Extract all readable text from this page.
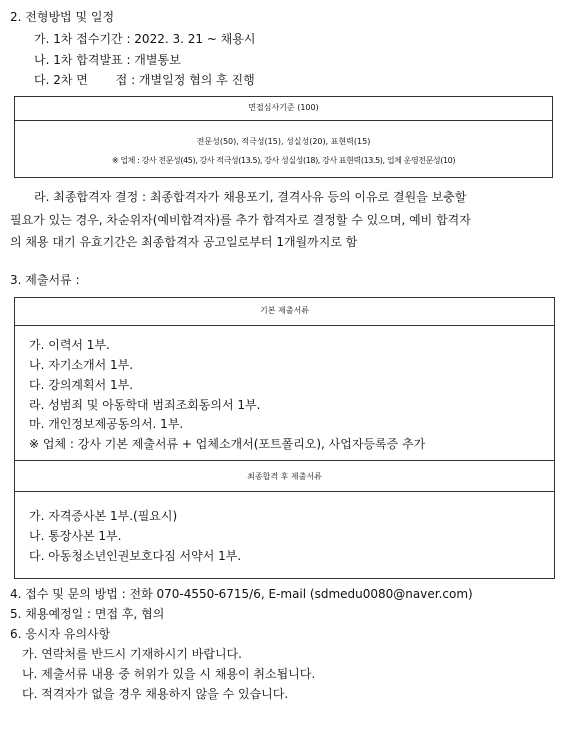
2. 전형방법 및 일정
가. 1차 접수기간 : 2022. 3. 21 ~ 채용시
나. 1차 합격발표 : 개별통보
다. 2차 면　　 접 : 개별일정 협의 후 진행
면접심사기준 (100)
전문성(50), 적극성(15), 성실성(20), 표현력(15)
※ 업체 : 강사 전문성(45), 강사 적극성(13.5), 강사 성실성(18), 강사 표현력(13.5), 업체 운영전문성(10)
라. 최종합격자 결정 : 최종합격자가 채용포기, 결격사유 등의 이유로 결원을 보충할
필요가 있는 경우, 차순위자(예비합격자)를 추가 합격자로 결정할 수 있으며, 예비 합격자
의 채용 대기 유효기간은 최종합격자 공고일로부터 1개월까지로 함
3. 제출서류 :
기본 제출서류
가. 이력서 1부.
나. 자기소개서 1부.
다. 강의계획서 1부.
라. 성범죄 및 아동학대 범죄조회동의서 1부.
마. 개인정보제공동의서. 1부.
※ 업체 : 강사 기본 제출서류 + 업체소개서(포트폴리오), 사업자등록증 추가
최종합격 후 제출서류
가. 자격증사본 1부.(필요시)
나. 통장사본 1부.
다. 아동청소년인권보호다짐 서약서 1부.
4. 접수 및 문의 방법 : 전화 070-4550-6715/6, E-mail (sdmedu0080@naver.com)
5. 채용예정일 : 면접 후, 협의
6. 응시자 유의사항
가. 연락처를 반드시 기재하시기 바랍니다.
나. 제출서류 내용 중 허위가 있을 시 채용이 취소됩니다.
다. 적격자가 없을 경우 채용하지 않을 수 있습니다.
